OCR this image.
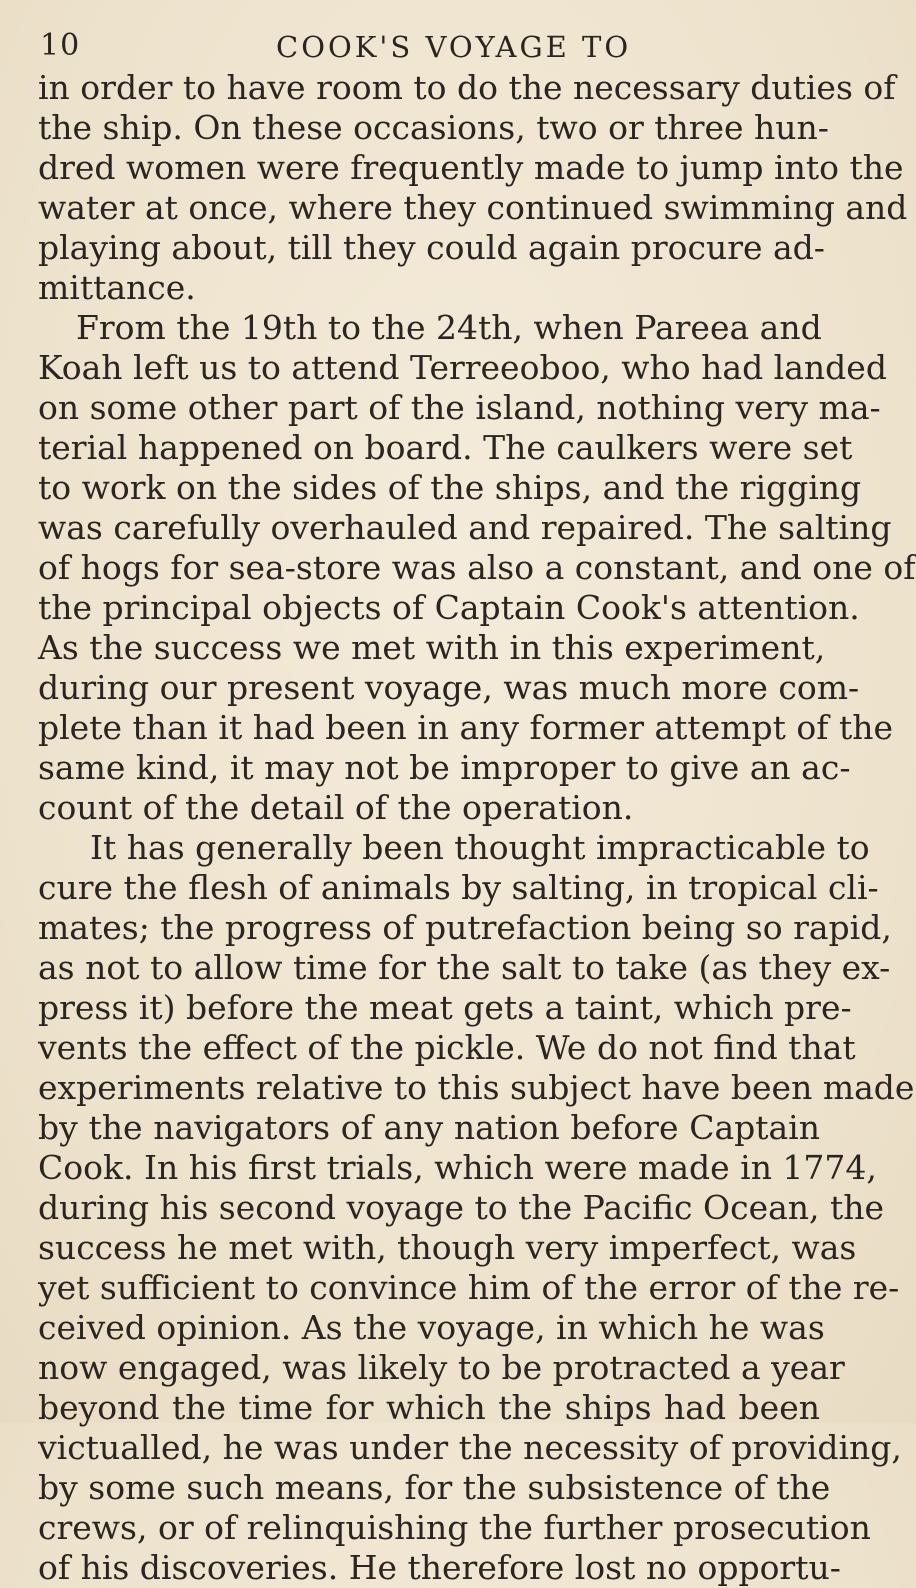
10	COOK'S VOYAGE TO
in order to have room to do the necessary duties of
the ship. On these occasions, two or three hun-
dred women were frequently made to jump into the
water at once, where they continued swimming and
playing about, till they could again procure ad-
mittance.
From the 19th to the 24th, when Pareea and
Koah left us to attend Terreeoboo, who had landed
on some other part of the island, nothing very ma-
terial happened on board. The caulkers were set
to work on the sides of the ships, and the rigging
was carefully overhauled and repaired. The salting
of hogs for sea-store was also a constant, and one of
the principal objects of Captain Cook's attention.
As the success we met with in this experiment,
during our present voyage, was much more com-
plete than it had been in any former attempt of the
same kind, it may not be improper to give an ac-
count of the detail of the operation.
It has generally been thought impracticable to
cure the flesh of animals by salting, in tropical cli-
mates; the progress of putrefaction being so rapid,
as not to allow time for the salt to take (as they ex-
press it) before the meat gets a taint, which pre-
vents the effect of the pickle. We do not find that
experiments relative to this subject have been made
by the navigators of any nation before Captain
Cook. In his first trials, which were made in 1774,
during his second voyage to the Pacific Ocean, the
success he met with, though very imperfect, was
yet sufficient to convince him of the error of the re-
ceived opinion. As the voyage, in which he was
now engaged, was likely to be protracted a year
beyond the time for which the ships had been
victualled, he was under the necessity of providing,
by some such means, for the subsistence of the
crews, or of relinquishing the further prosecution
of his discoveries. He therefore lost no opportu-
